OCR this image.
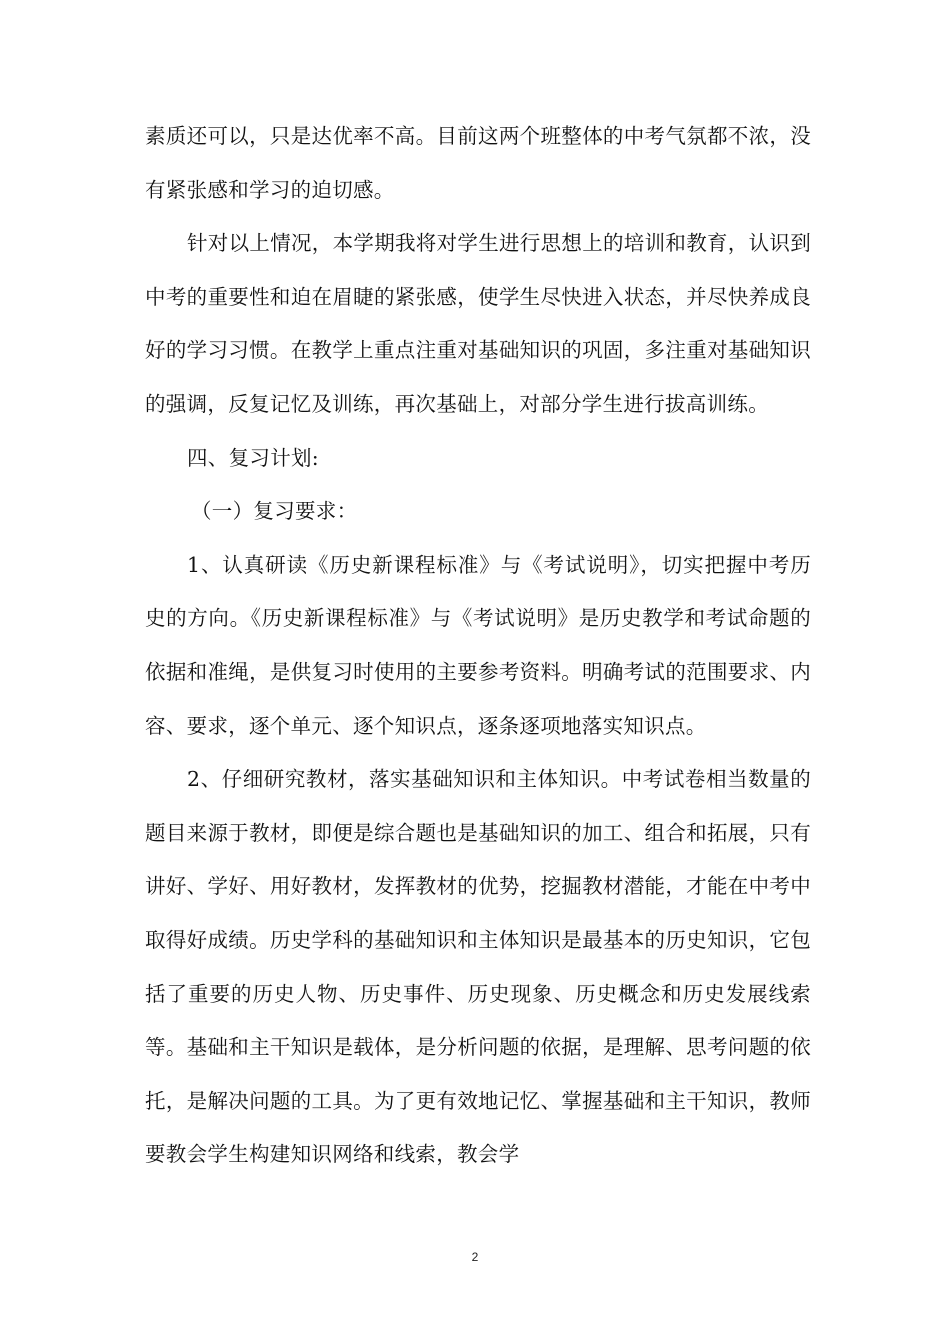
素质还可以，只是达优率不高。目前这两个班整体的中考气氛都不浓，没有紧张感和学习的迫切感。

针对以上情况，本学期我将对学生进行思想上的培训和教育，认识到中考的重要性和迫在眉睫的紧张感，使学生尽快进入状态，并尽快养成良好的学习习惯。在教学上重点注重对基础知识的巩固，多注重对基础知识的强调，反复记忆及训练，再次基础上，对部分学生进行拔高训练。

四、复习计划:

（一）复习要求：

1、认真研读《历史新课程标准》与《考试说明》，切实把握中考历史的方向。《历史新课程标准》与《考试说明》是历史教学和考试命题的依据和准绳，是供复习时使用的主要参考资料。明确考试的范围要求、内容、要求，逐个单元、逐个知识点，逐条逐项地落实知识点。

2、仔细研究教材，落实基础知识和主体知识。中考试卷相当数量的题目来源于教材，即便是综合题也是基础知识的加工、组合和拓展，只有讲好、学好、用好教材，发挥教材的优势，挖掘教材潜能，才能在中考中取得好成绩。历史学科的基础知识和主体知识是最基本的历史知识，它包括了重要的历史人物、历史事件、历史现象、历史概念和历史发展线索等。基础和主干知识是载体，是分析问题的依据，是理解、思考问题的依托，是解决问题的工具。为了更有效地记忆、掌握基础和主干知识，教师要教会学生构建知识网络和线索，教会学

2
